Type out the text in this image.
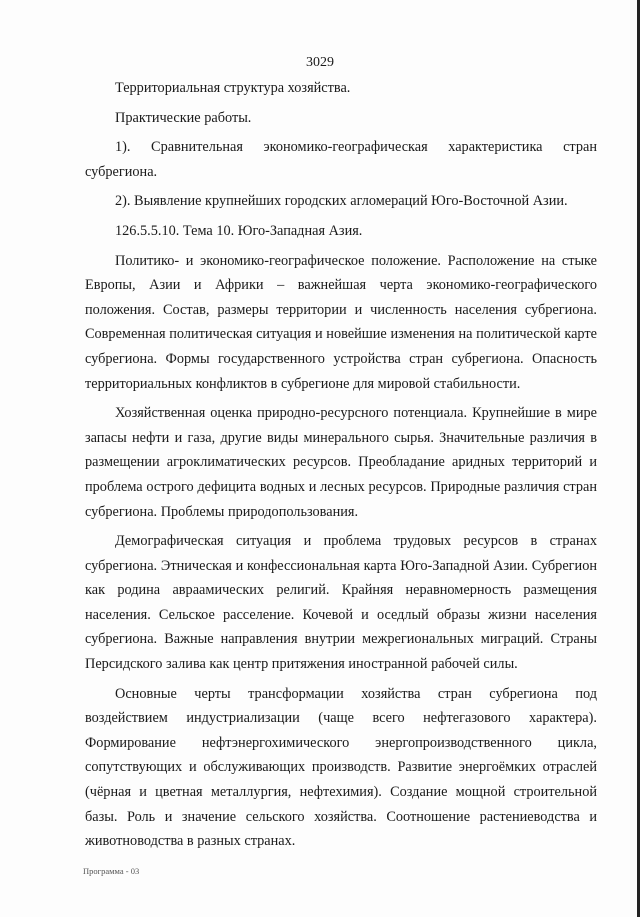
3029

Территориальная структура хозяйства.

Практические работы.

1). Сравнительная экономико-географическая характеристика стран субрегиона.

2). Выявление крупнейших городских агломераций Юго-Восточной Азии.

126.5.5.10. Тема 10. Юго-Западная Азия.

Политико- и экономико-географическое положение. Расположение на стыке Европы, Азии и Африки – важнейшая черта экономико-географического положения. Состав, размеры территории и численность населения субрегиона. Современная политическая ситуация и новейшие изменения на политической карте субрегиона. Формы государственного устройства стран субрегиона. Опасность территориальных конфликтов в субрегионе для мировой стабильности.

Хозяйственная оценка природно-ресурсного потенциала. Крупнейшие в мире запасы нефти и газа, другие виды минерального сырья. Значительные различия в размещении агроклиматических ресурсов. Преобладание аридных территорий и проблема острого дефицита водных и лесных ресурсов. Природные различия стран субрегиона. Проблемы природопользования.

Демографическая ситуация и проблема трудовых ресурсов в странах субрегиона. Этническая и конфессиональная карта Юго-Западной Азии. Субрегион как родина авраамических религий. Крайняя неравномерность размещения населения. Сельское расселение. Кочевой и оседлый образы жизни населения субрегиона. Важные направления внутрии межрегиональных миграций. Страны Персидского залива как центр притяжения иностранной рабочей силы.

Основные черты трансформации хозяйства стран субрегиона под воздействием индустриализации (чаще всего нефтегазового характера). Формирование нефтэнергохимического энергопроизводственного цикла, сопутствующих и обслуживающих производств. Развитие энергоёмких отраслей (чёрная и цветная металлургия, нефтехимия). Создание мощной строительной базы. Роль и значение сельского хозяйства. Соотношение растениеводства и животноводства в разных странах.

Программа - 03
